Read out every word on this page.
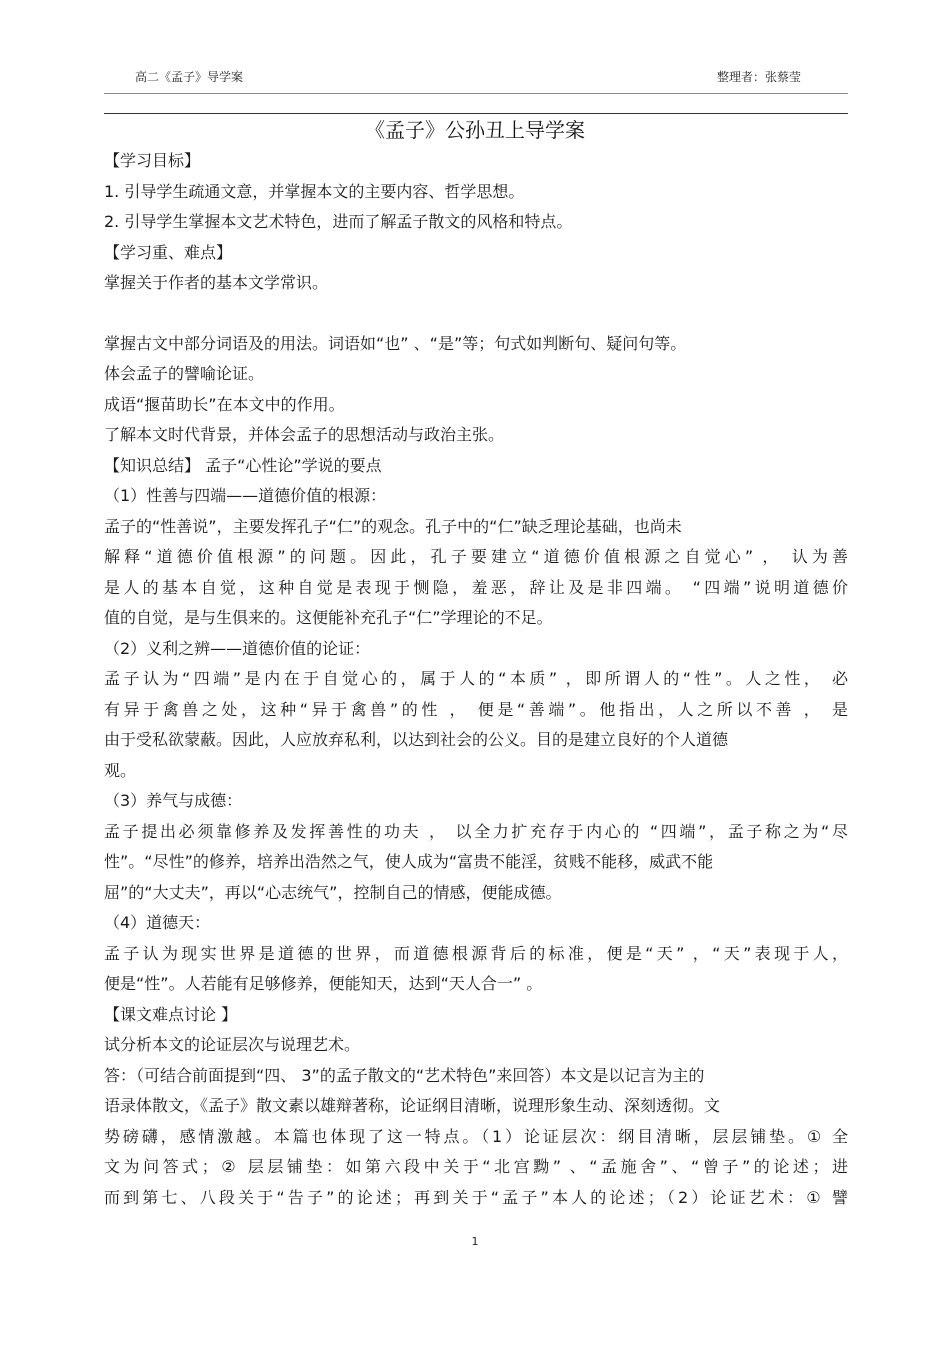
高二《孟子》导学案	整理者：张蔡莹
《孟子》公孙丑上导学案
【学习目标】
1. 引导学生疏通文意，并掌握本文的主要内容、哲学思想。
2. 引导学生掌握本文艺术特色，进而了解孟子散文的风格和特点。
【学习重、难点】
掌握关于作者的基本文学常识。
掌握古文中部分词语及的用法。词语如“也” 、“是”等；句式如判断句、疑问句等。
体会孟子的譬喻论证。
成语“揠苗助长”在本文中的作用。
了解本文时代背景，并体会孟子的思想活动与政治主张。
【知识总结】 孟子“心性论”学说的要点
（1）性善与四端——道德价值的根源：
孟子的“性善说”，主要发挥孔子“仁”的观念。孔子中的“仁”缺乏理论基础，也尚未
解释“道德价值根源”的问题。因此，孔子要建立“道德价值根源之自觉心” ， 认为善
是人的基本自觉，这种自觉是表现于恻隐，羞恶，辞让及是非四端。 “四端”说明道德价
值的自觉，是与生俱来的。这便能补充孔子“仁”学理论的不足。
（2）义利之辨——道德价值的论证：
孟子认为“四端”是内在于自觉心的，属于人的“本质” ，即所谓人的“性”。人之性， 必
有异于禽兽之处，这种“异于禽兽”的性 ， 便是“善端”。他指出，人之所以不善 ， 是
由于受私欲蒙蔽。因此，人应放弃私利，以达到社会的公义。目的是建立良好的个人道德
观。
（3）养气与成德：
孟子提出必须靠修养及发挥善性的功夫 ， 以全力扩充存于内心的 “四端”，孟子称之为“尽
性”。“尽性”的修养，培养出浩然之气，使人成为“富贵不能淫，贫贱不能移，威武不能
屈”的“大丈夫”，再以“心志统气”，控制自己的情感，便能成德。
（4）道德天：
孟子认为现实世界是道德的世界，而道德根源背后的标准，便是“天” ，“天”表现于人，
便是“性”。人若能有足够修养，便能知天，达到“天人合一” 。
【课文难点讨论 】
试分析本文的论证层次与说理艺术。
答：（可结合前面提到“四、 3”的孟子散文的“艺术特色”来回答）本文是以记言为主的
语录体散文，《孟子》散文素以雄辩著称，论证纲目清晰，说理形象生动、深刻透彻。文
势磅礴，感情激越。本篇也体现了这一特点。（1）论证层次：纲目清晰，层层铺垫。① 全
文为问答式；② 层层铺垫：如第六段中关于“北宫黝” 、“孟施舍”、“曾子”的论述；进
而到第七、八段关于“告子”的论述；再到关于“孟子”本人的论述；（2）论证艺术：① 譬
1
